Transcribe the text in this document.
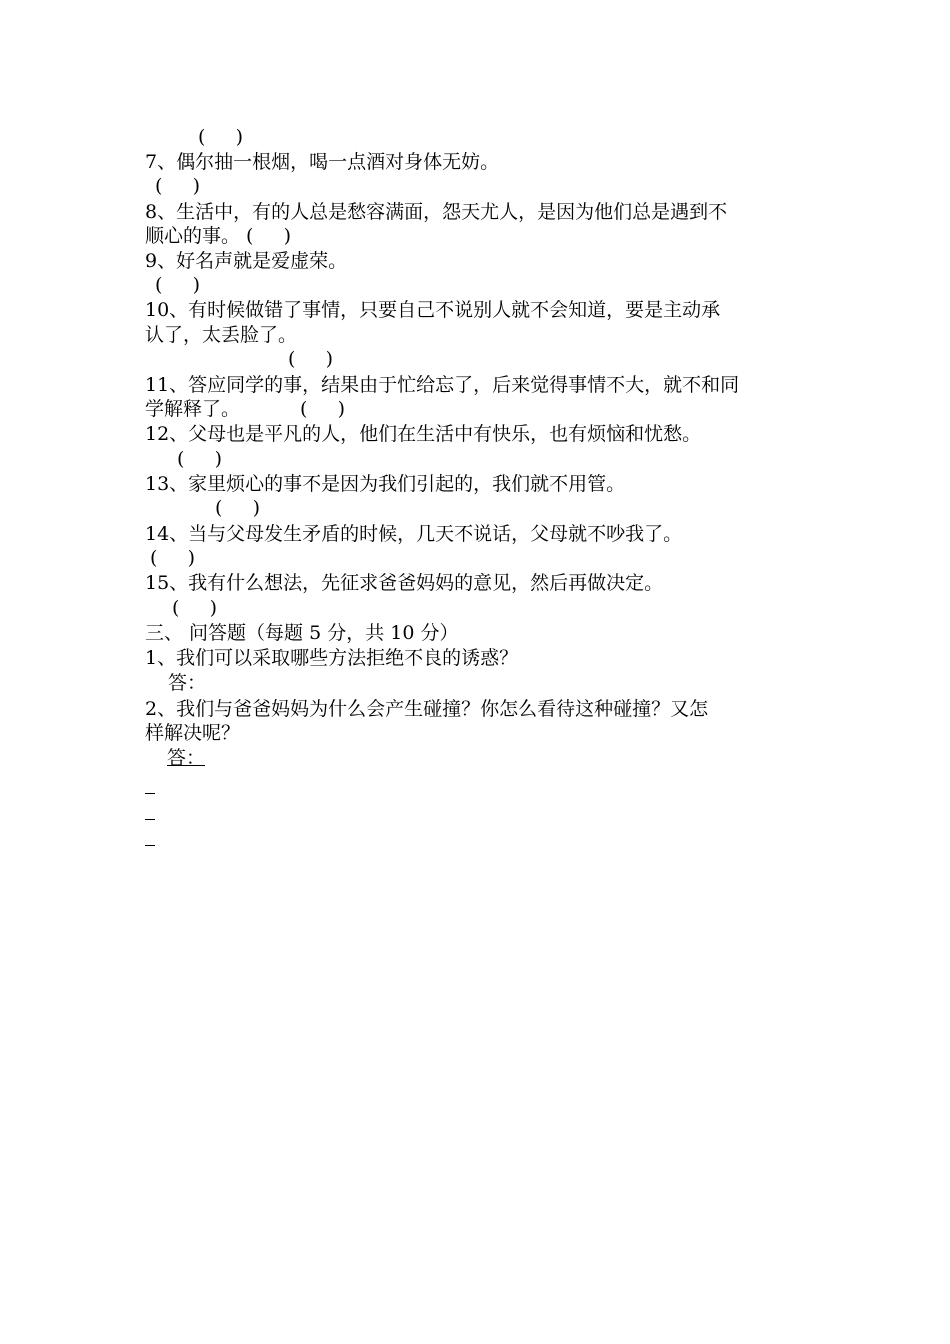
(     )
7、偶尔抽一根烟，喝一点酒对身体无妨。
(     )
8、生活中，有的人总是愁容满面，怨天尤人，是因为他们总是遇到不
顺心的事。 (     )
9、好名声就是爱虚荣。
(     )
10、有时候做错了事情，只要自己不说别人就不会知道，要是主动承
认了，太丢脸了。
(     )
11、答应同学的事，结果由于忙给忘了，后来觉得事情不大，就不和同
学解释了。	(     )
12、父母也是平凡的人，他们在生活中有快乐，也有烦恼和忧愁。
(     )
13、家里烦心的事不是因为我们引起的，我们就不用管。
(     )
14、当与父母发生矛盾的时候，几天不说话，父母就不吵我了。
(     )
15、我有什么想法，先征求爸爸妈妈的意见，然后再做决定。
(     )
三、 问答题（每题 5 分，共 10 分）
1、我们可以采取哪些方法拒绝不良的诱惑？
答：
2、我们与爸爸妈妈为什么会产生碰撞？你怎么看待这种碰撞？又怎
样解决呢？
答：
